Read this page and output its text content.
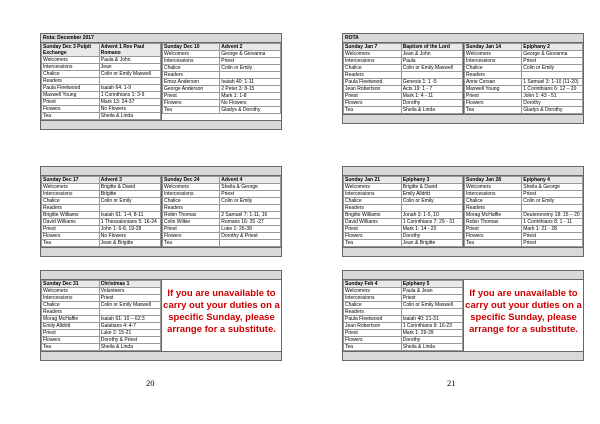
Rota: December 2017
Sunday Dec 3 Pulpit Exchange	Advent 1 Rev Paul Romano
Welcomers	Paula & John
Intercessions	Jean
Chalice	Colin or Emily Maxwell
Readers	
Paula Fleetwood	Isaiah 64: 1-9
Maxwell Young	1 Corinthians 1: 3-9
Priest	Mark 13: 24-37
Flowers	No Flowers
Tea	Sheila & Linda
Sunday Dec 10	Advent 2
Welcomers	George & Giovanna
Intercessions	Priest
Chalice	Colin or Emily
Readers	
Emsz Anderson	Isaiah 40: 1-11
George Anderson	2 Peter 3: 8-15
Priest	Mark 1: 1-8
Flowers	No Flowers
Tea	Gladys & Dorothy
Sunday Dec 17	Advent 3
Welcomers	Brigitte & David
Intercessions	Brigitte
Chalice	Colin or Emily
Readers	
Brigitte Williams	Isaiah 61: 1-4, 8-11
David Williams	1 Thessalonians 5: 16-24
Priest	John 1: 6-8, 19-28
Flowers	No Flowers
Tea	Jean & Brigitte
Sunday Dec 24	Advent 4
Welcomers	Sheila & George
Intercessions	Priest
Chalice	Colin or Emily
Readers	
Robin Thomas	2 Samuel 7: 1-11, 16
Colin Wilkie	Romans 16: 25 -27
Priest	Luke 1: 26-38
Flowers	Dorothy & Priest
Tea	
Sunday Dec 31	Christmas 1
Welcomers	Volunteers
Intercessions	Priest
Chalice	Colin or Emily Maxwell
Readers	
Morag McHaffie	Isaiah 61: 10 – 62:3
Emily Alldritt	Galatians 4: 4-7
Priest	Luke 2: 15-21
Flowers	Dorothy & Priest
Tea	Sheila & Linda
If you are unavailable to carry out your duties on a specific Sunday, please arrange for a substitute.
20
ROTA
Sunday Jan 7	Baptism of the Lord
Welcomers	Jean & John
Intercessions	Paula
Chalice	Colin or Emily Maxwell
Readers	
Paula Fleetwood	Genesis 1: 1 -5
Jean Robertson	Acts 19: 1 - 7
Priest	Mark 1: 4 - 11
Flowers	Dorothy
Tea	Sheila & Linda
Sunday Jan 14	Epiphany 2
Welcomers	George & Giovanna
Intercessions	Priest
Chalice	Colin or Emily
Readers	
Anne Corsan	1 Samuel 3: 1-10 (11-20)
Maxwell Young	1 Corinthians 6: 12 – 20
Priest	John 1: 43 - 51
Flowers	Dorothy
Tea	Gladys & Dorothy
Sunday Jan 21	Epiphany 3
Welcomers	Brigitte & David
Intercessions	Emily Alldritt
Chalice	Colin or Emily
Readers	
Brigitte Williams	Jonah 3: 1-5, 10
David Williams	1 Corinthians 7: 29 - 31
Priest	Mark 1: 14 - 20
Flowers	Dorothy
Tea	Jean & Brigitte
Sunday Jan 28	Epiphany 4
Welcomers	Sheila & George
Intercessions	Priest
Chalice	Colin or Emily
Readers	
Morag McHaffie	Deuteronomy 18: 15 – 20
Robin Thomas	1 Corinthians 8: 1 - 11
Priest	Mark 1: 21 - 28
Flowers	Priest
Tea	Priest
Sunday Feb 4	Epiphany 5
Welcomers	Paula & Jean
Intercessions	Priest
Chalice	Colin or Emily Maxwell
Readers	
Paula Fleetwood	Isaiah 40: 21-31
Jean Robertson	1 Corinthians 9: 16-23
Priest	Mark 1: 29-39
Flowers	Dorothy
Tea	Sheila & Linda
If you are unavailable to carry out your duties on a specific Sunday, please arrange for a substitute.
21
